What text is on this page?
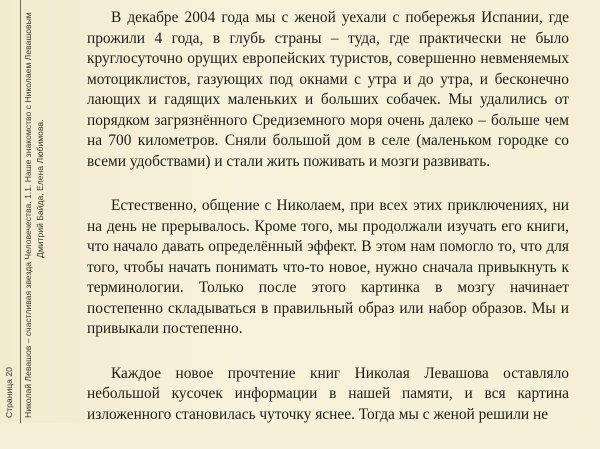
Страница 20 Николай Левашов – счастливая звезда Человечества. 1.1. Наше знакомство с Николаем Левашовым Дмитрий Байда, Елена Любимова.

В декабре 2004 года мы с женой уехали с побережья Испании, где прожили 4 года, в глубь страны – туда, где практически не было круглосуточно орущих европейских туристов, совершенно невменяемых мотоциклистов, газующих под окнами с утра и до утра, и бесконечно лающих и гадящих маленьких и больших собачек. Мы удалились от порядком загрязнённого Средиземного моря очень далеко – больше чем на 700 километров. Сняли большой дом в селе (маленьком городке со всеми удобствами) и стали жить поживать и мозги развивать.

Естественно, общение с Николаем, при всех этих приключениях, ни на день не прерывалось. Кроме того, мы продолжали изучать его книги, что начало давать определённый эффект. В этом нам помогло то, что для того, чтобы начать понимать что-то новое, нужно сначала привыкнуть к терминологии. Только после этого картинка в мозгу начинает постепенно складываться в правильный образ или набор образов. Мы и привыкали постепенно.

Каждое новое прочтение книг Николая Левашова оставляло небольшой кусочек информации в нашей памяти, и вся картина изложенного становилась чуточку яснее. Тогда мы с женой решили не
